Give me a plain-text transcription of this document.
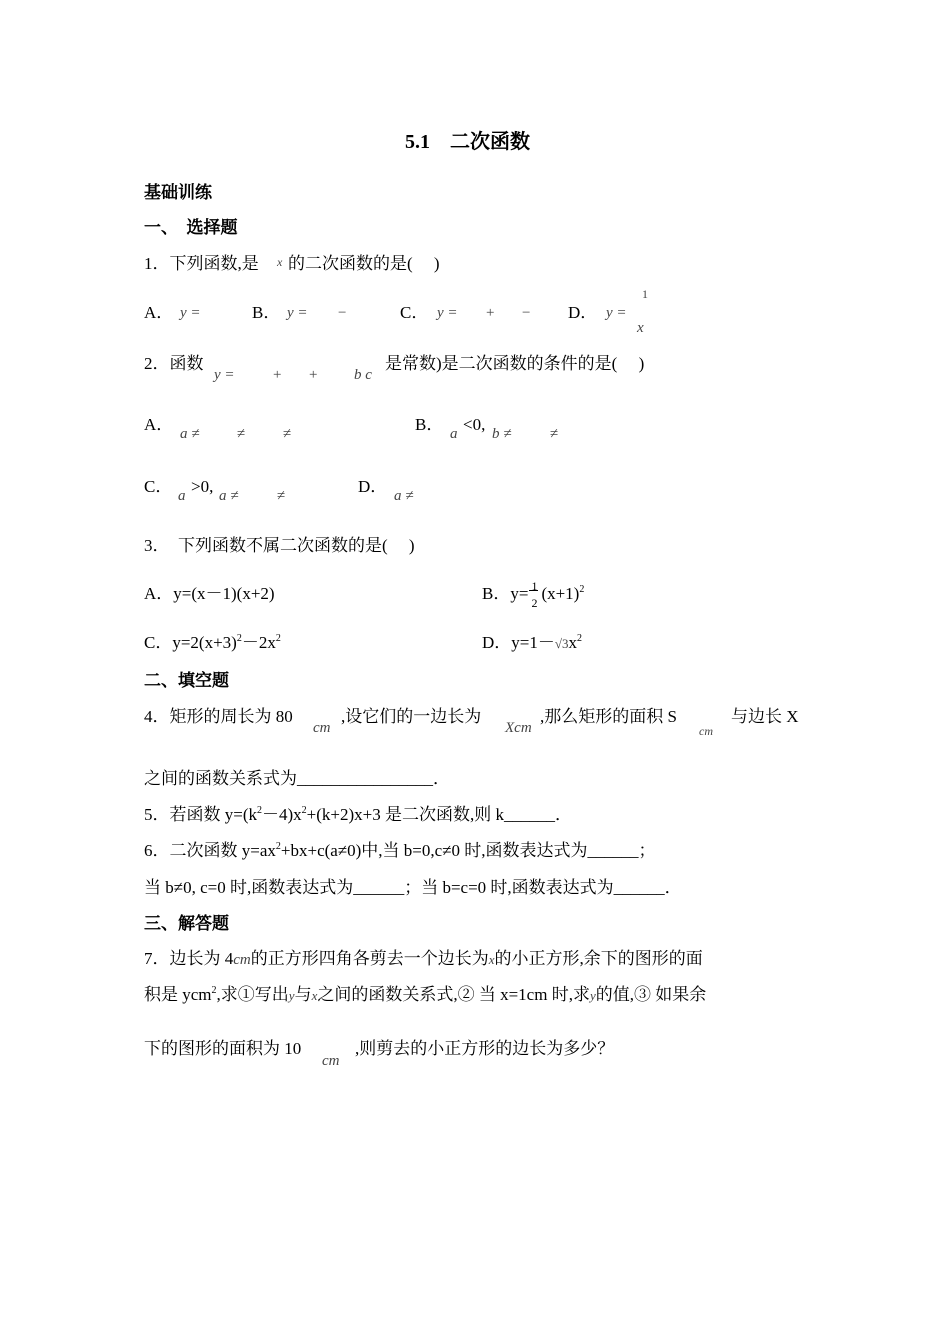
5.1　二次函数
基础训练
一、　选择题
1．下列函数,是 x 的二次函数的是(　 )
A． y =	B． y = −	C． y = + − D． y =
1
x
2．函数
y =	+ + b c
是常数)是二次函数的条件的是(　 )
A． a ≠	≠	≠	B． a <0, b ≠	≠
C． a >0, a ≠	≠	D． a ≠
3．　下列函数不属二次函数的是(　 )
A．y=(x－1)(x+2)	B．$y= \frac{1}{2} (x+1)^2$
C．$y=2(x+3)^2-2x^2$	D．$y=1-√3x^2$
二、填空题
4．矩形的周长为 80
cm
,设它们的一边长为
Xcm
,那么矩形的面积 S
cm
与边长 X
之间的函数关系式为________________．
5．若函数 $y=(k^2-4)x^2+(k+2)x+3$ 是二次函数,则 k______．
6．二次函数 $y=ax^2+bx+c(a\ne 0)$中,当 b=0,c≠0 时,函数表达式为______；
当 b≠0, c=0 时,函数表达式为______；当 b=c=0 时,函数表达式为______．
三、解答题
7．边长为 4cm的正方形四角各剪去一个边长为x的小正方形,余下的图形的面
积是 ycm$^2$,求①写出y与x之间的函数关系式,② 当 x=1cm 时,求y的值,③ 如果余
下的图形的面积为 10
cm
,则剪去的小正方形的边长为多少？
